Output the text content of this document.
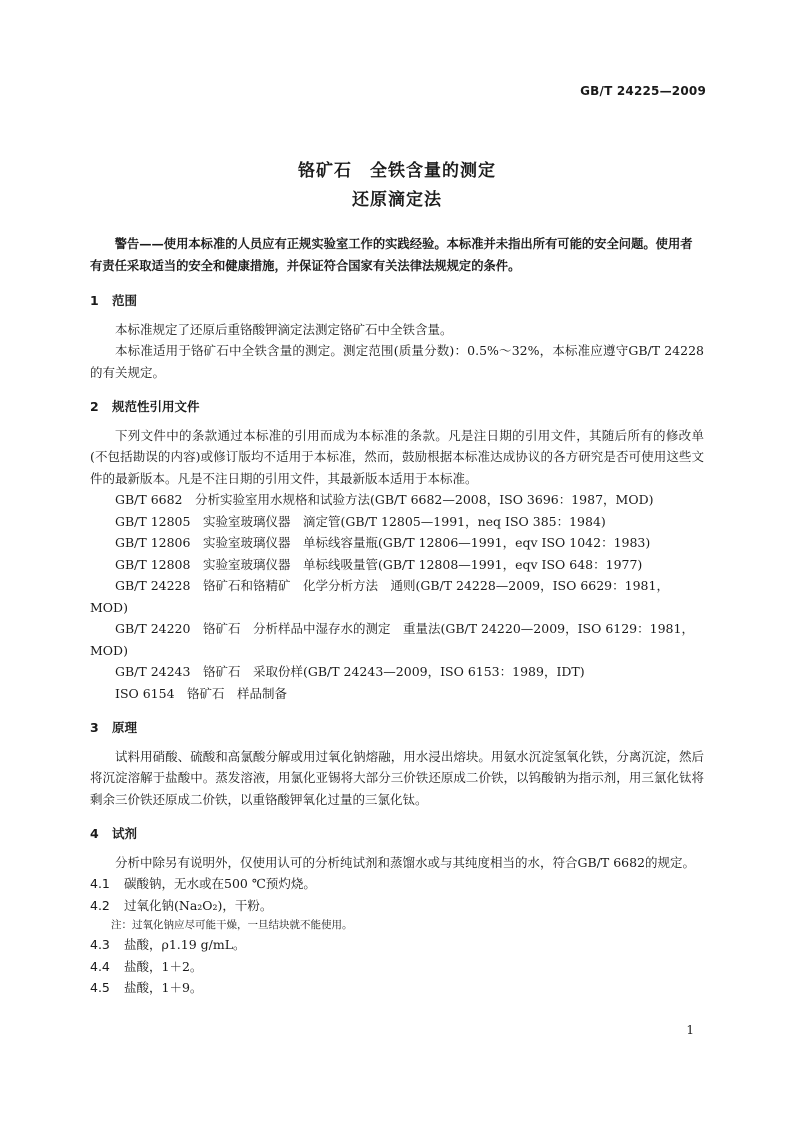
GB/T 24225—2009
铬矿石　全铁含量的测定
还原滴定法

警告——使用本标准的人员应有正规实验室工作的实践经验。本标准并未指出所有可能的安全问题。使用者有责任采取适当的安全和健康措施，并保证符合国家有关法律法规规定的条件。

1 范围

本标准规定了还原后重铬酸钾滴定法测定铬矿石中全铁含量。

本标准适用于铬矿石中全铁含量的测定。测定范围(质量分数)：0.5%～32%，本标准应遵守GB/T 24228的有关规定。

2 规范性引用文件

下列文件中的条款通过本标准的引用而成为本标准的条款。凡是注日期的引用文件，其随后所有的修改单(不包括勘误的内容)或修订版均不适用于本标准，然而，鼓励根据本标准达成协议的各方研究是否可使用这些文件的最新版本。凡是不注日期的引用文件，其最新版本适用于本标准。

GB/T 6682　分析实验室用水规格和试验方法(GB/T 6682—2008，ISO 3696：1987，MOD)

GB/T 12805　实验室玻璃仪器　滴定管(GB/T 12805—1991，neq ISO 385：1984)

GB/T 12806　实验室玻璃仪器　单标线容量瓶(GB/T 12806—1991，eqv ISO 1042：1983)

GB/T 12808　实验室玻璃仪器　单标线吸量管(GB/T 12808—1991，eqv ISO 648：1977)

GB/T 24228　铬矿石和铬精矿　化学分析方法　通则(GB/T 24228—2009，ISO 6629：1981，MOD)

GB/T 24220　铬矿石　分析样品中湿存水的测定　重量法(GB/T 24220—2009，ISO 6129：1981，MOD)

GB/T 24243　铬矿石　采取份样(GB/T 24243—2009，ISO 6153：1989，IDT)

ISO 6154　铬矿石　样品制备

3 原理

试料用硝酸、硫酸和高氯酸分解或用过氧化钠熔融，用水浸出熔块。用氨水沉淀氢氧化铁，分离沉淀，然后将沉淀溶解于盐酸中。蒸发溶液，用氯化亚锡将大部分三价铁还原成二价铁，以钨酸钠为指示剂，用三氯化钛将剩余三价铁还原成二价铁，以重铬酸钾氧化过量的三氯化钛。

4 试剂

分析中除另有说明外，仅使用认可的分析纯试剂和蒸馏水或与其纯度相当的水，符合GB/T 6682的规定。

4.1 碳酸钠，无水或在500 ℃预灼烧。

4.2 过氧化钠(Na₂O₂)，干粉。

注：过氧化钠应尽可能干燥，一旦结块就不能使用。

4.3 盐酸，ρ1.19 g/mL。

4.4 盐酸，1＋2。

4.5 盐酸，1＋9。

1
